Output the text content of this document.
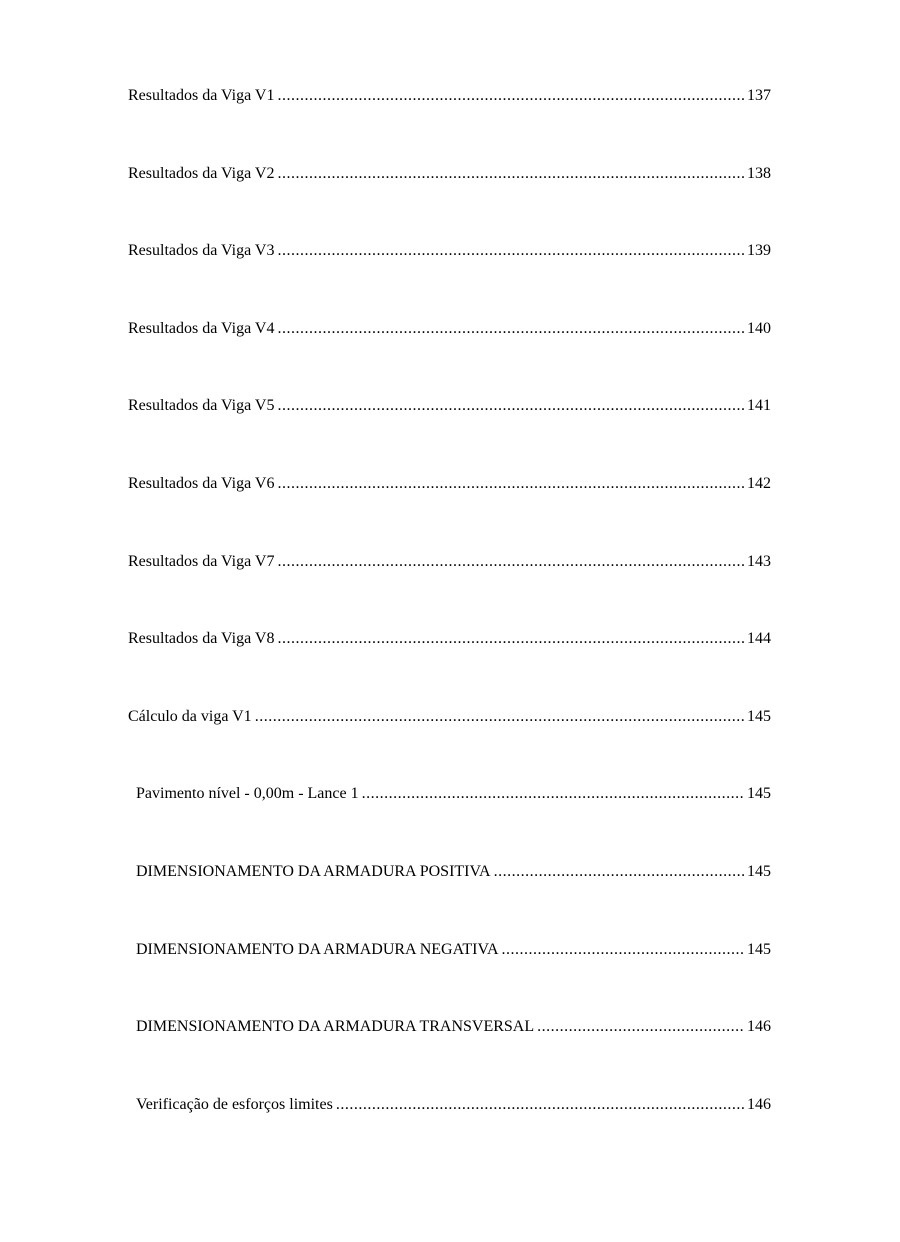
Resultados da Viga V1 .....	137
Resultados da Viga V2 .....	138
Resultados da Viga V3 .....	139
Resultados da Viga V4 .....	140
Resultados da Viga V5 .....	141
Resultados da Viga V6 .....	142
Resultados da Viga V7 .....	143
Resultados da Viga V8 .....	144
Cálculo da viga V1 .....	145
Pavimento nível - 0,00m - Lance 1 .....	145
DIMENSIONAMENTO DA ARMADURA POSITIVA .....	145
DIMENSIONAMENTO DA ARMADURA NEGATIVA .....	145
DIMENSIONAMENTO DA ARMADURA TRANSVERSAL .....	146
Verificação de esforços limites .....	146
